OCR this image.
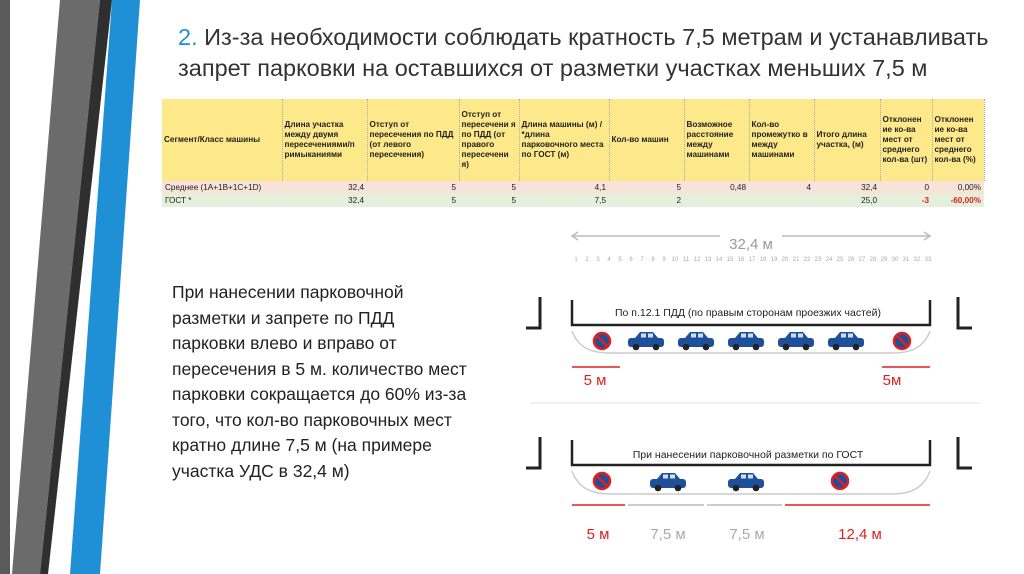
2. Из-за необходимости соблюдать кратность 7,5 метрам и устанавливать запрет парковки на оставшихся от разметки участках меньших 7,5 м
Сегмент/Класс машины	Длина участка между двумя пересечениями/п римыканиями	Отступ от пересечения по ПДД (от левого пересечения)	Отступ от пересечени я по ПДД (от правого пересечени я)	Длина машины (м) / *длина парковочного места по ГОСТ (м)	Кол-во машин	Возможное расстояние между машинами	Кол-во промежутко в между машинами	Итого длина участка, (м)	Отклонен ие ко-ва мест от среднего кол-ва (шт)	Отклонен ие ко-ва мест от среднего кол-ва (%)
Среднее (1А+1В+1С+1D)	32,4	5	5	4,1	5	0,48	4	32,4	0	0,00%
ГОСТ *	32,4	5	5	7,5	2			25,0	-3	-60,00%
При нанесении парковочной разметки и запрете по ПДД парковки влево и вправо от пересечения в 5 м. количество мест парковки сокращается до 60% из-за того, что кол-во парковочных мест кратно длине 7,5 м (на примере участка УДС в 32,4 м)
32,4 м
1 2 3 4 5 6 7 8 9 10 11 12 13 14 15 16 17 18 19 20 21 22 23 24 25 26 27 28 29 30 31 32 33
По п.12.1 ПДД (по правым сторонам проезжих частей)
5 м	5м
При нанесении парковочной разметки по ГОСТ
5 м	7,5 м	7,5 м	12,4 м
